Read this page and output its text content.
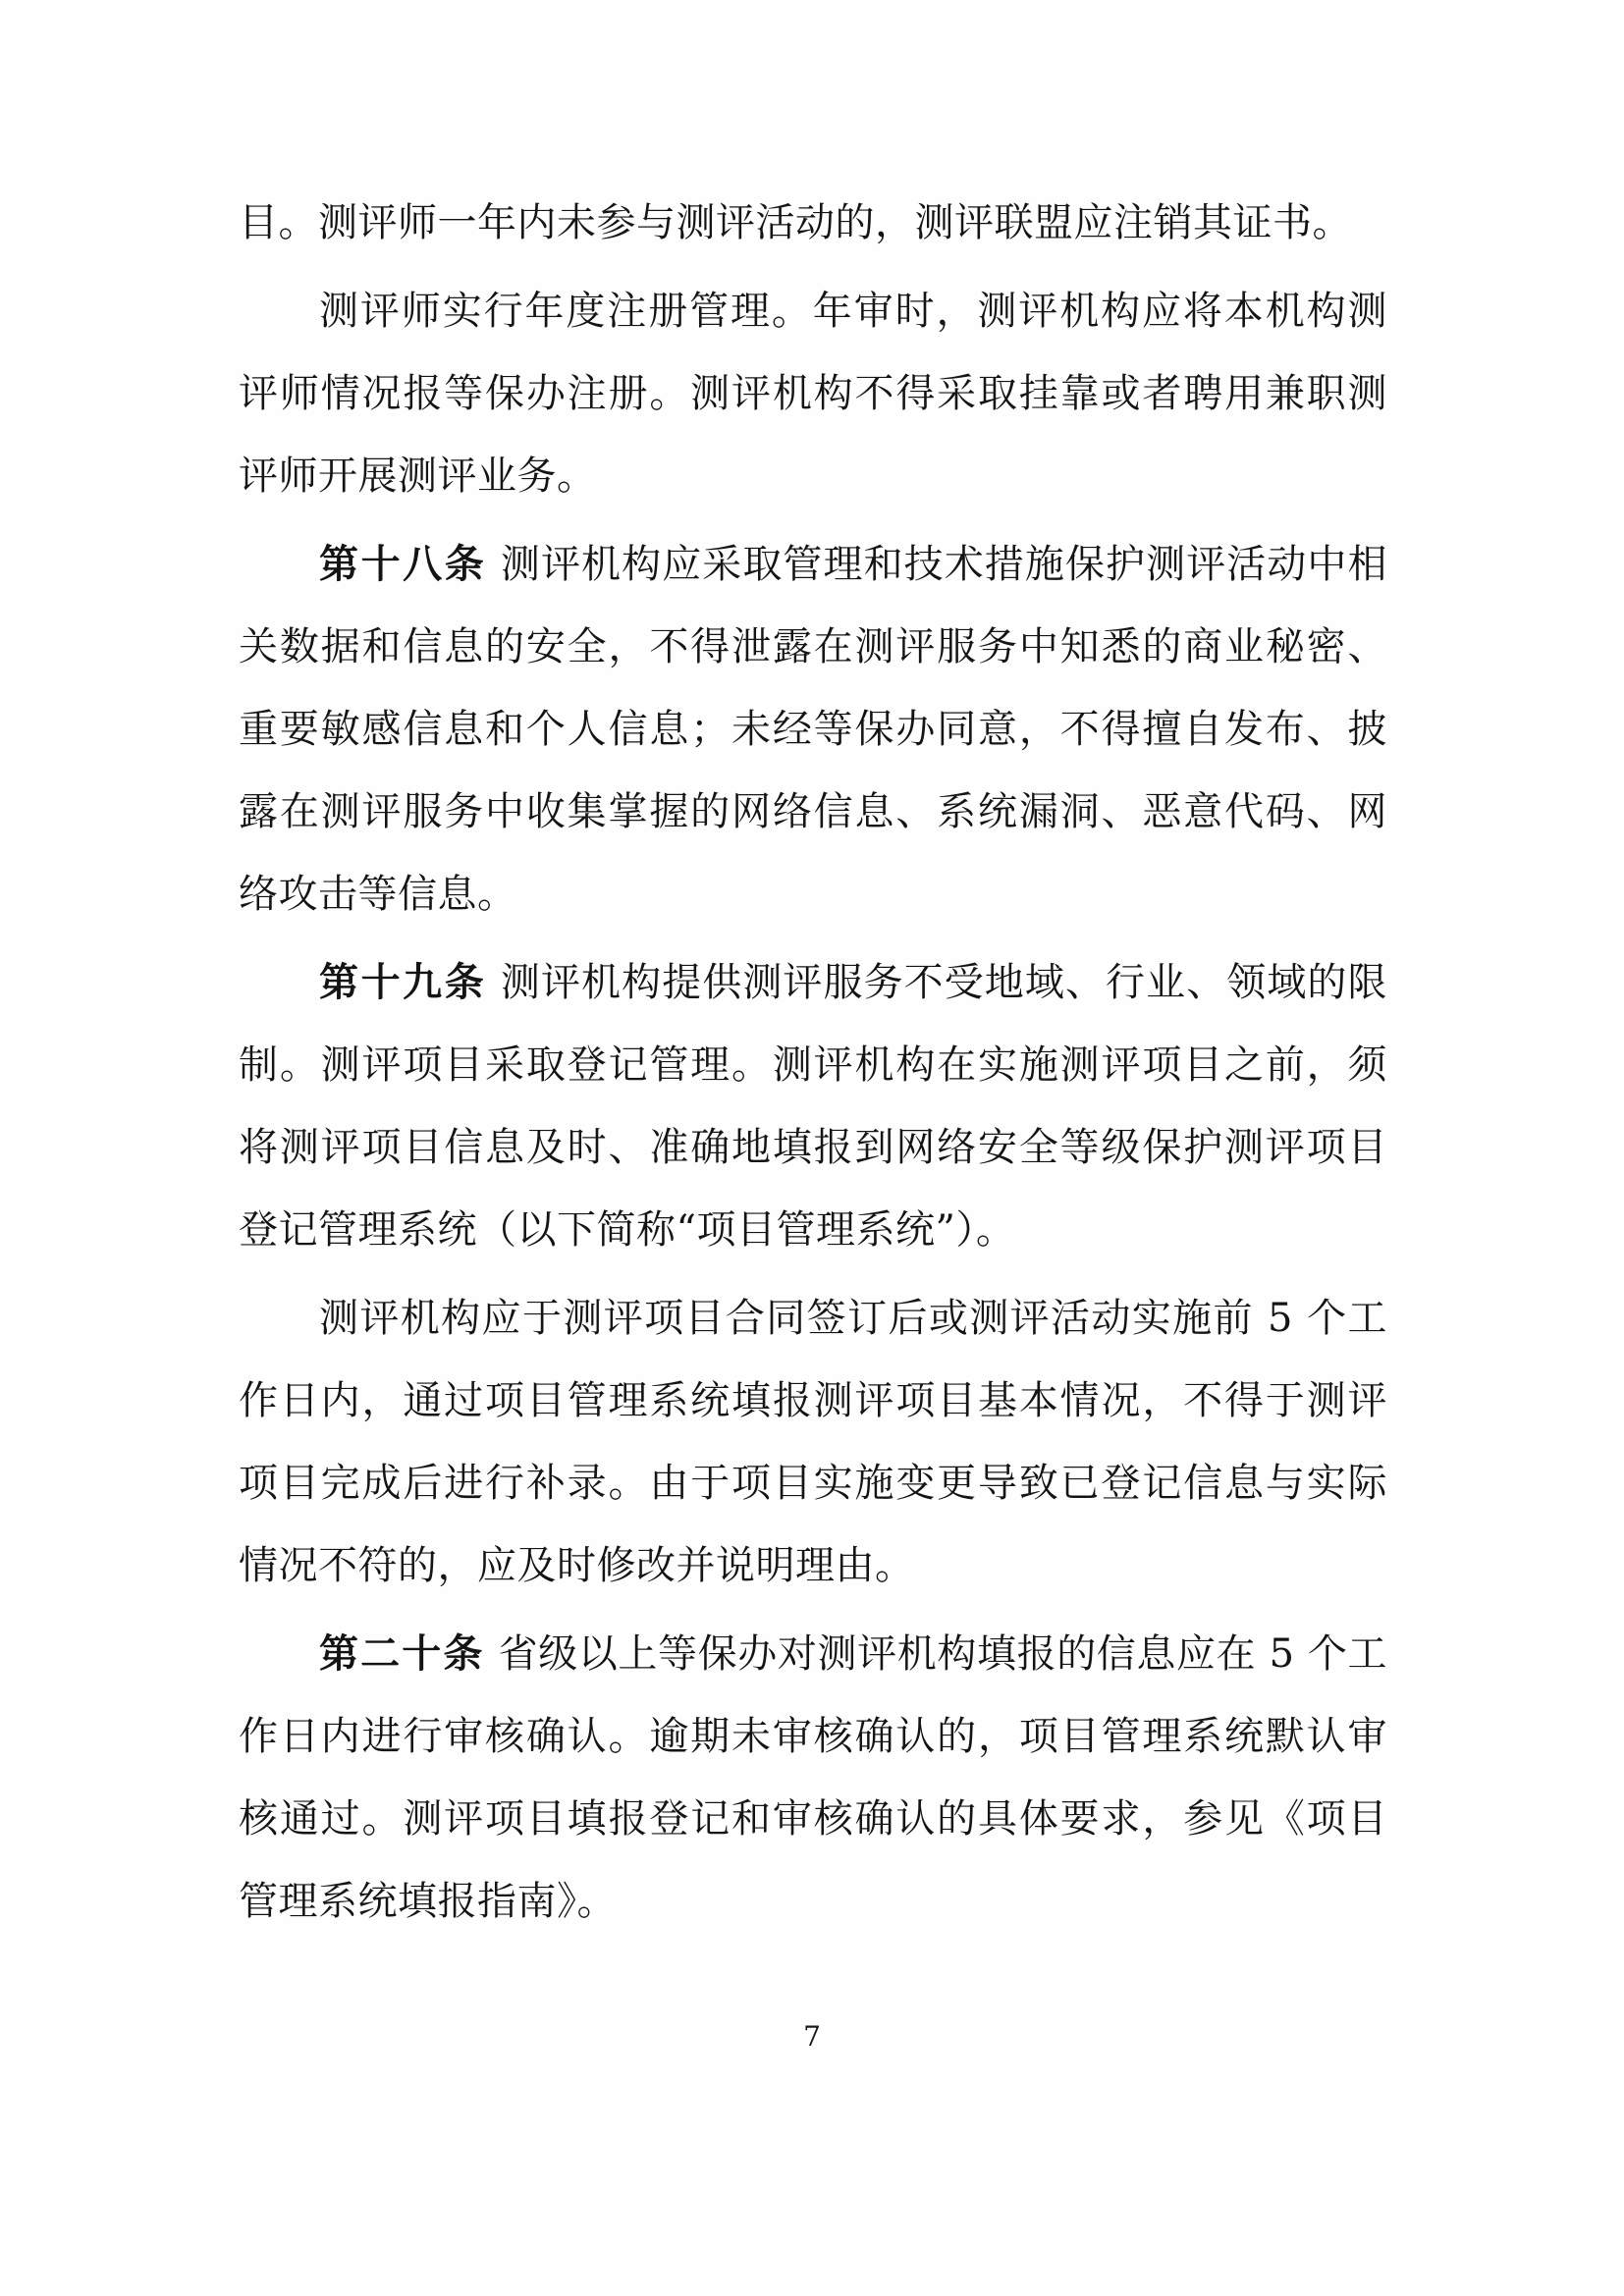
目。测评师一年内未参与测评活动的，测评联盟应注销其证书。

测评师实行年度注册管理。年审时，测评机构应将本机构测评师情况报等保办注册。测评机构不得采取挂靠或者聘用兼职测评师开展测评业务。

第十八条 测评机构应采取管理和技术措施保护测评活动中相关数据和信息的安全，不得泄露在测评服务中知悉的商业秘密、重要敏感信息和个人信息；未经等保办同意，不得擅自发布、披露在测评服务中收集掌握的网络信息、系统漏洞、恶意代码、网络攻击等信息。

第十九条 测评机构提供测评服务不受地域、行业、领域的限制。测评项目采取登记管理。测评机构在实施测评项目之前，须将测评项目信息及时、准确地填报到网络安全等级保护测评项目登记管理系统（以下简称“项目管理系统”）。

测评机构应于测评项目合同签订后或测评活动实施前 5 个工作日内，通过项目管理系统填报测评项目基本情况，不得于测评项目完成后进行补录。由于项目实施变更导致已登记信息与实际情况不符的，应及时修改并说明理由。

第二十条 省级以上等保办对测评机构填报的信息应在 5 个工作日内进行审核确认。逾期未审核确认的，项目管理系统默认审核通过。测评项目填报登记和审核确认的具体要求，参见《项目管理系统填报指南》。

7
